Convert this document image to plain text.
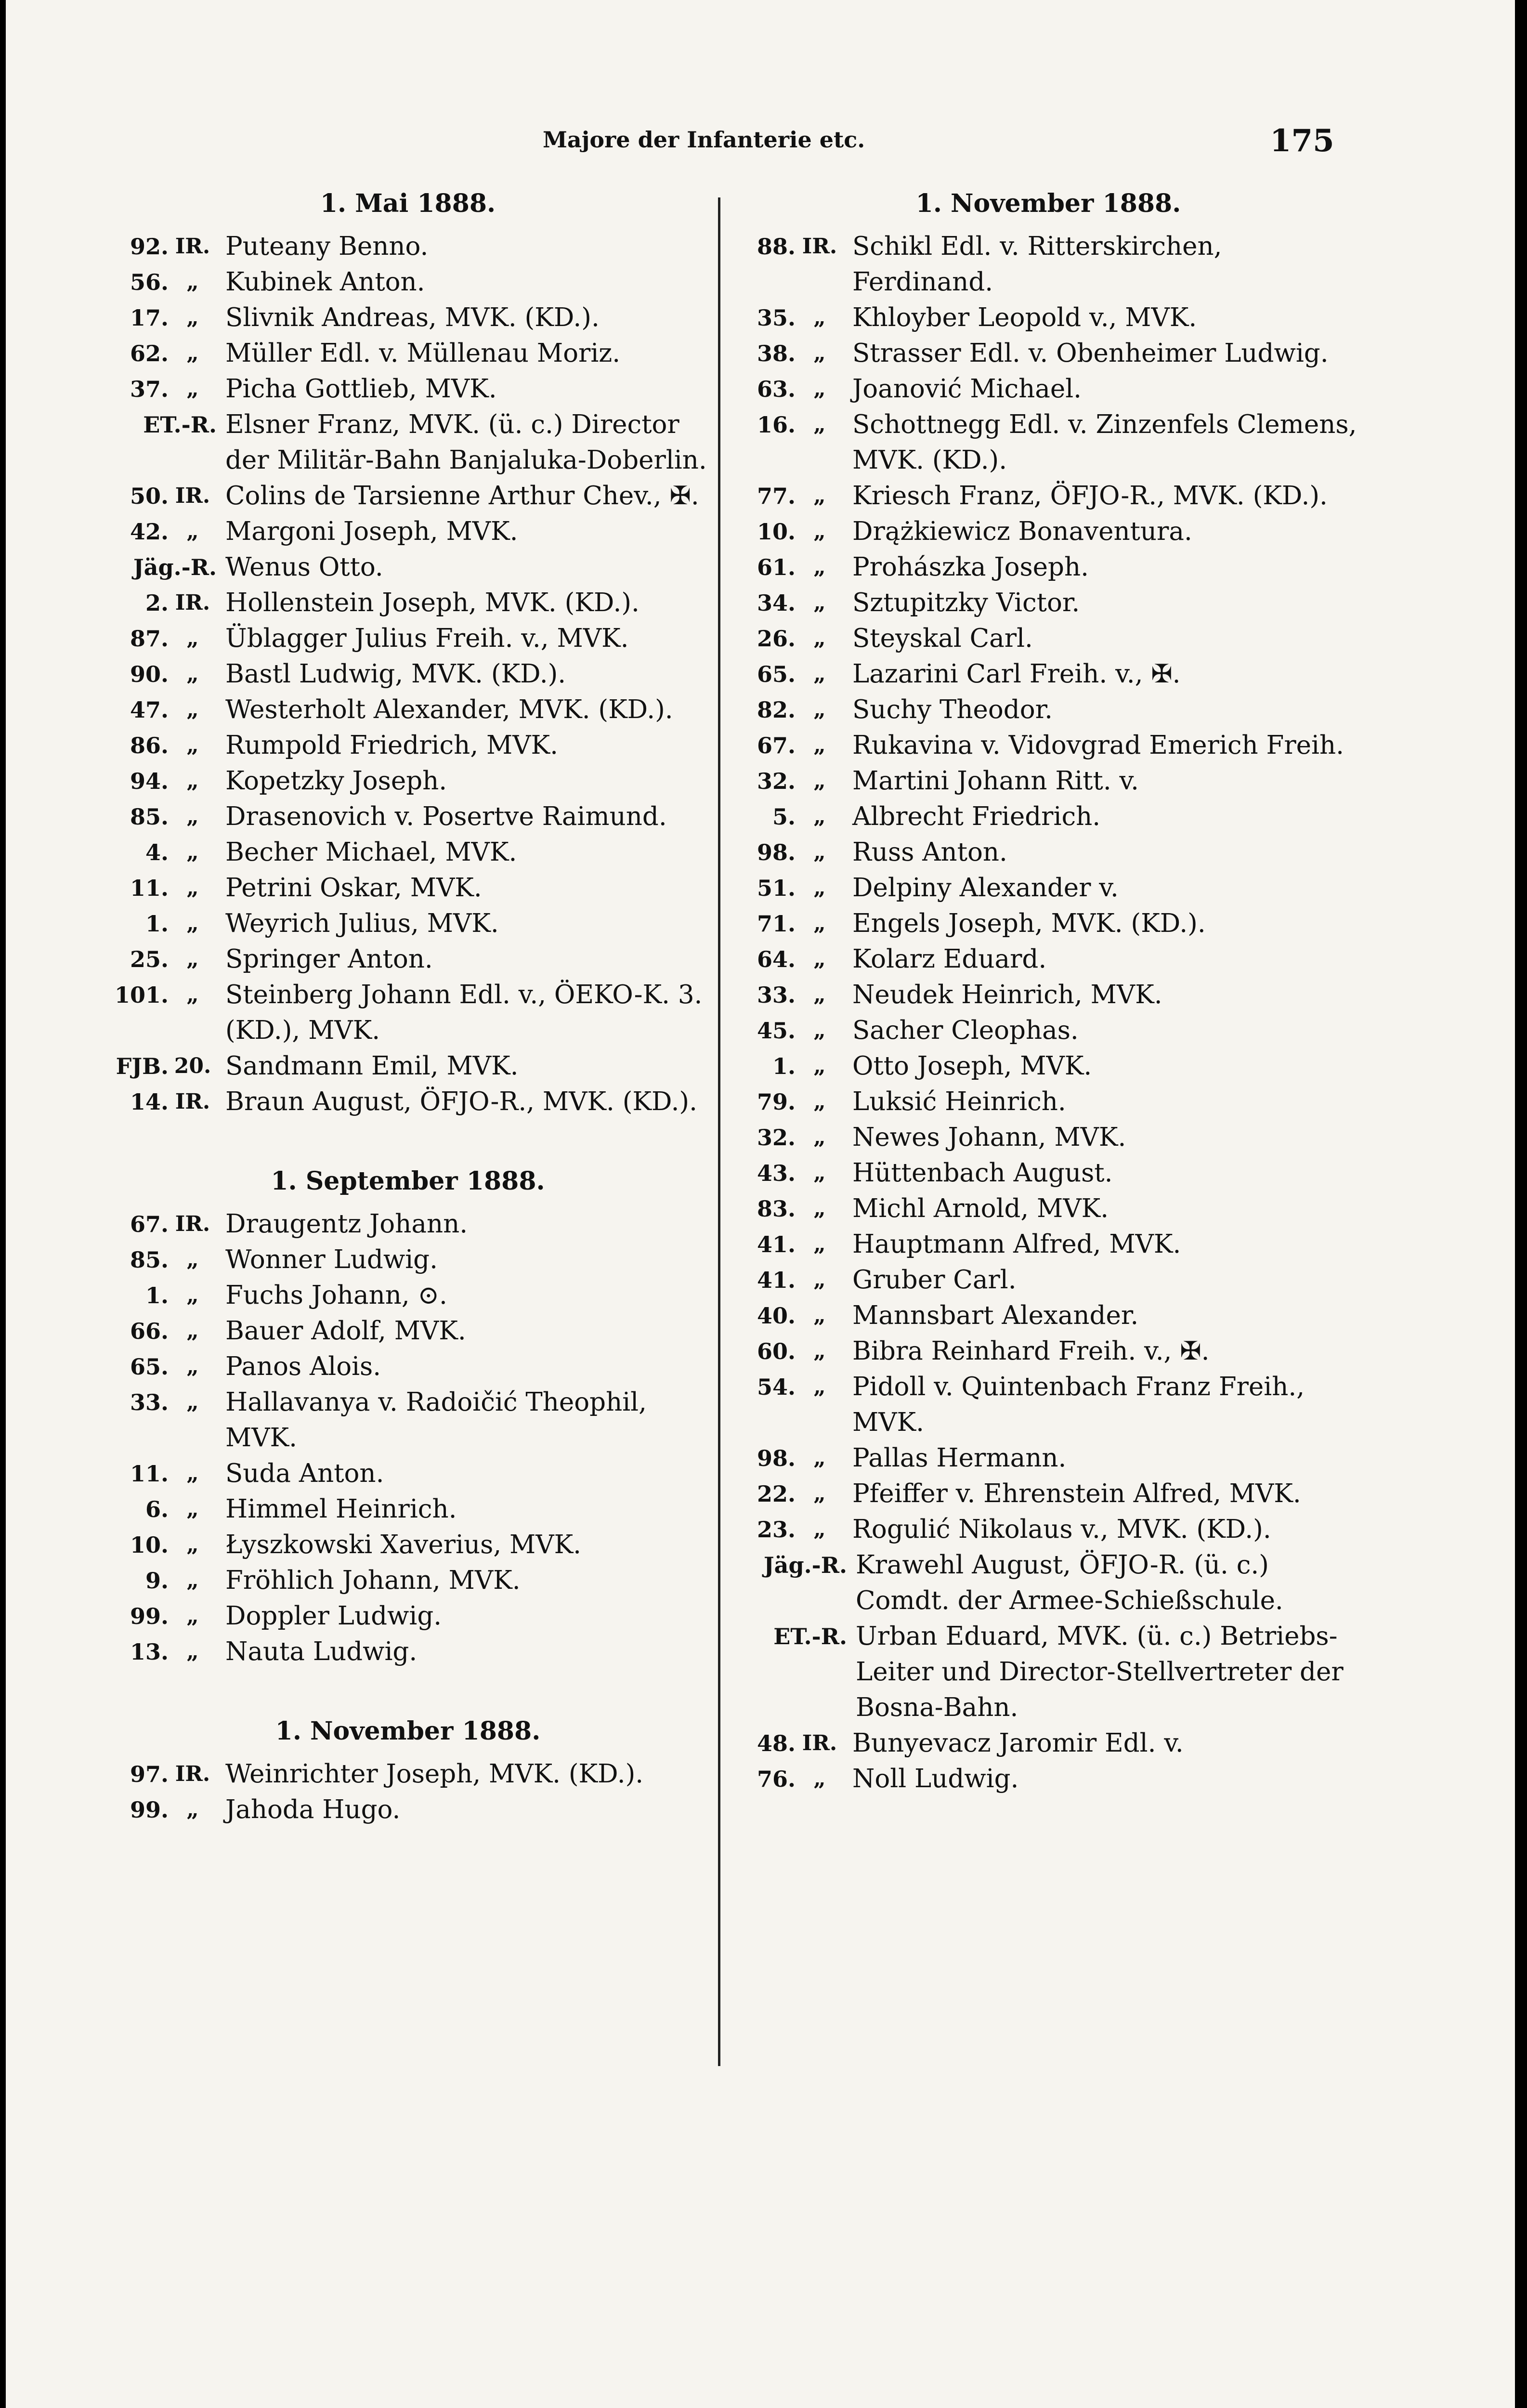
Majore der Infanterie etc.	175
1. Mai 1888.
92. IR. Puteany Benno.
56. „	Kubinek Anton.
17. „	Slivnik Andreas, MVK. (KD.).
62. „	Müller Edl. v. Müllenau Moriz.
37. „	Picha Gottlieb, MVK.
ET.-R. Elsner Franz, MVK. (ü. c.) Director der Militär-Bahn Banjaluka-Doberlin.
50. IR. Colins de Tarsienne Arthur Chev., ✠.
42. „	Margoni Joseph, MVK.
Jäg.-R. Wenus Otto.
2. IR. Hollenstein Joseph, MVK. (KD.).
87. „	Üblagger Julius Freih. v., MVK.
90. „	Bastl Ludwig, MVK. (KD.).
47. „	Westerholt Alexander, MVK. (KD.).
86. „	Rumpold Friedrich, MVK.
94. „	Kopetzky Joseph.
85. „	Drasenovich v. Posertve Raimund.
4. „	Becher Michael, MVK.
11. „	Petrini Oskar, MVK.
1. „	Weyrich Julius, MVK.
25. „	Springer Anton.
101. „	Steinberg Johann Edl. v., ÖEKO-K. 3. (KD.), MVK.
FJB. 20. Sandmann Emil, MVK.
14. IR. Braun August, ÖFJO-R., MVK. (KD.).
1. September 1888.
67. IR. Draugentz Johann.
85. „	Wonner Ludwig.
1. „	Fuchs Johann, ⊙.
66. „	Bauer Adolf, MVK.
65. „	Panos Alois.
33. „	Hallavanya v. Radoičić Theophil, MVK.
11. „	Suda Anton.
6. „	Himmel Heinrich.
10. „	Łyszkowski Xaverius, MVK.
9. „	Fröhlich Johann, MVK.
99. „	Doppler Ludwig.
13. „	Nauta Ludwig.
1. November 1888.
97. IR. Weinrichter Joseph, MVK. (KD.).
99. „	Jahoda Hugo.
1. November 1888.
88. IR. Schikl Edl. v. Ritterskirchen, Ferdinand.
35. „	Khloyber Leopold v., MVK.
38. „	Strasser Edl. v. Obenheimer Ludwig.
63. „	Joanović Michael.
16. „	Schottnegg Edl. v. Zinzenfels Clemens, MVK. (KD.).
77. „	Kriesch Franz, ÖFJO-R., MVK. (KD.).
10. „	Drążkiewicz Bonaventura.
61. „	Prohászka Joseph.
34. „	Sztupitzky Victor.
26. „	Steyskal Carl.
65. „	Lazarini Carl Freih. v., ✠.
82. „	Suchy Theodor.
67. „	Rukavina v. Vidovgrad Emerich Freih.
32. „	Martini Johann Ritt. v.
5. „	Albrecht Friedrich.
98. „	Russ Anton.
51. „	Delpiny Alexander v.
71. „	Engels Joseph, MVK. (KD.).
64. „	Kolarz Eduard.
33. „	Neudek Heinrich, MVK.
45. „	Sacher Cleophas.
1. „	Otto Joseph, MVK.
79. „	Luksić Heinrich.
32. „	Newes Johann, MVK.
43. „	Hüttenbach August.
83. „	Michl Arnold, MVK.
41. „	Hauptmann Alfred, MVK.
41. „	Gruber Carl.
40. „	Mannsbart Alexander.
60. „	Bibra Reinhard Freih. v., ✠.
54. „	Pidoll v. Quintenbach Franz Freih., MVK.
98. „	Pallas Hermann.
22. „	Pfeiffer v. Ehrenstein Alfred, MVK.
23. „	Rogulić Nikolaus v., MVK. (KD.).
Jäg.-R. Krawehl August, ÖFJO-R. (ü. c.) Comdt. der Armee-Schießschule.
ET.-R. Urban Eduard, MVK. (ü. c.) Betriebs-Leiter und Director-Stellvertreter der Bosna-Bahn.
48. IR. Bunyevacz Jaromir Edl. v.
76. „	Noll Ludwig.
